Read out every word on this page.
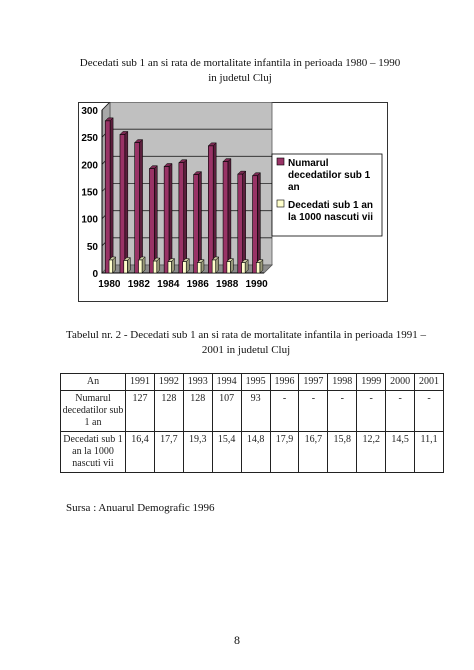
Decedati sub 1 an si rata de mortalitate infantila in perioada 1980 – 1990
in judetul Cluj
0
50
100
150
200
250
300
1980 1982 1984 1986 1988 1990
Numarul
decedatilor sub 1
an
Decedati sub 1 an
la 1000 nascuti vii
Tabelul nr. 2 - Decedati sub 1 an si rata de mortalitate infantila in perioada 1991 –
2001 in judetul Cluj
An	1991	1992	1993	1994	1995	1996	1997	1998	1999	2000	2001
Numarul decedatilor sub 1 an	127	128	128	107	93	-	-	-	-	-	-
Decedati sub 1 an la 1000 nascuti vii	16,4	17,7	19,3	15,4	14,8	17,9	16,7	15,8	12,2	14,5	11,1
Sursa : Anuarul Demografic 1996
8
